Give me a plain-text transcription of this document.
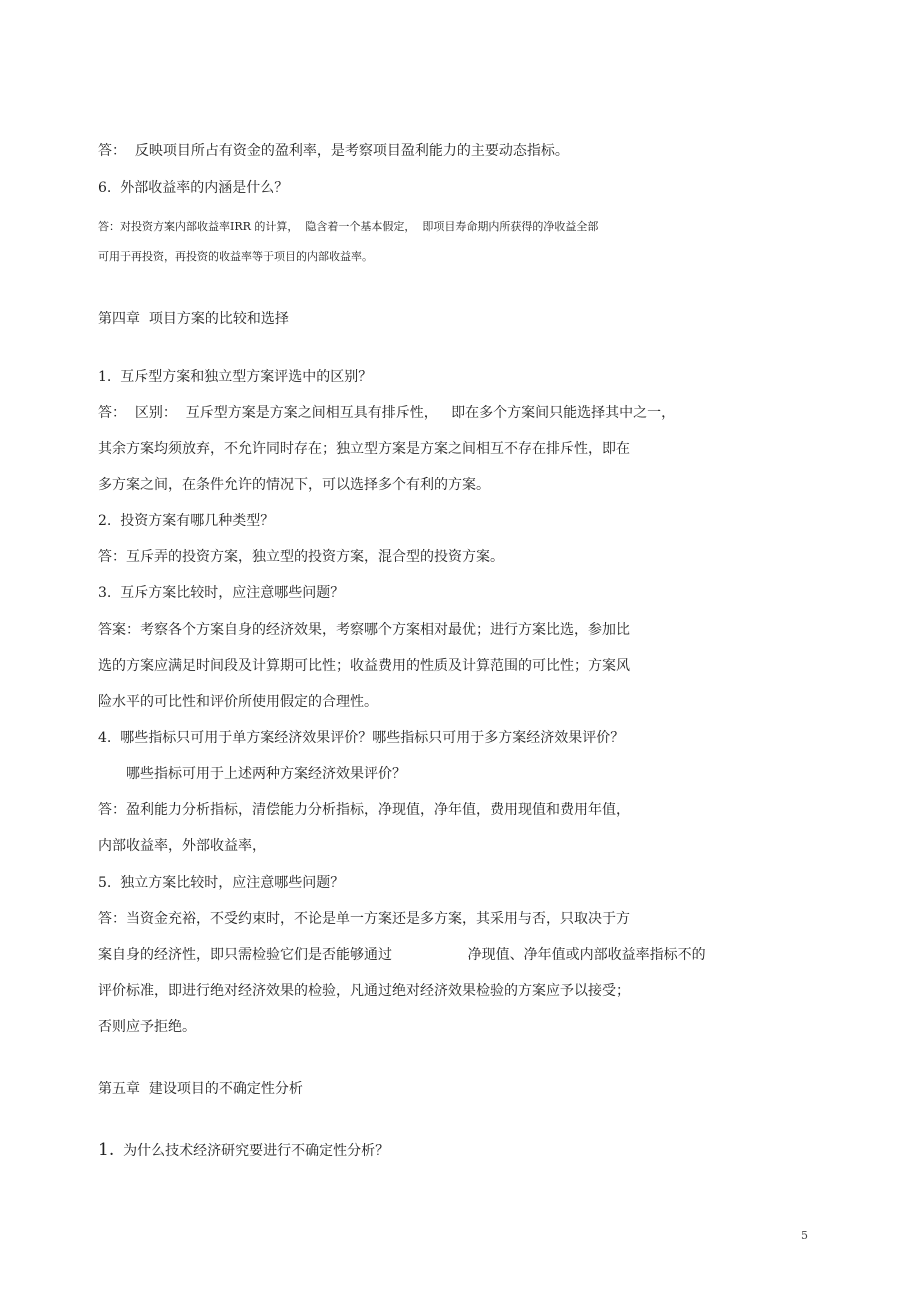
答：  反映项目所占有资金的盈利率，是考察项目盈利能力的主要动态指标。

6.  外部收益率的内涵是什么？

答：对投资方案内部收益率IRR 的计算，  隐含着一个基本假定，  即项目寿命期内所获得的净收益全部

可用于再投资，再投资的收益率等于项目的内部收益率。

第四章  项目方案的比较和选择

1.  互斥型方案和独立型方案评选中的区别？

答：  区别：  互斥型方案是方案之间相互具有排斥性，   即在多个方案间只能选择其中之一，

其余方案均须放弃，不允许同时存在；独立型方案是方案之间相互不存在排斥性，即在

多方案之间，在条件允许的情况下，可以选择多个有利的方案。

2.  投资方案有哪几种类型？

答：互斥弄的投资方案，独立型的投资方案，混合型的投资方案。

3.  互斥方案比较时，应注意哪些问题？

答案：考察各个方案自身的经济效果，考察哪个方案相对最优；进行方案比选，参加比

选的方案应满足时间段及计算期可比性；收益费用的性质及计算范围的可比性；方案风

险水平的可比性和评价所使用假定的合理性。

4.  哪些指标只可用于单方案经济效果评价？哪些指标只可用于多方案经济效果评价？

哪些指标可用于上述两种方案经济效果评价？

答：盈利能力分析指标，清偿能力分析指标，净现值，净年值，费用现值和费用年值，

内部收益率，外部收益率，

5.  独立方案比较时，应注意哪些问题？

答：当资金充裕，不受约束时，不论是单一方案还是多方案，其采用与否，只取决于方

案自身的经济性，即只需检验它们是否能够通过                 净现值、净年值或内部收益率指标不的

评价标准，即进行绝对经济效果的检验，凡通过绝对经济效果检验的方案应予以接受；

否则应予拒绝。

第五章  建设项目的不确定性分析

1.  为什么技术经济研究要进行不确定性分析？

5
